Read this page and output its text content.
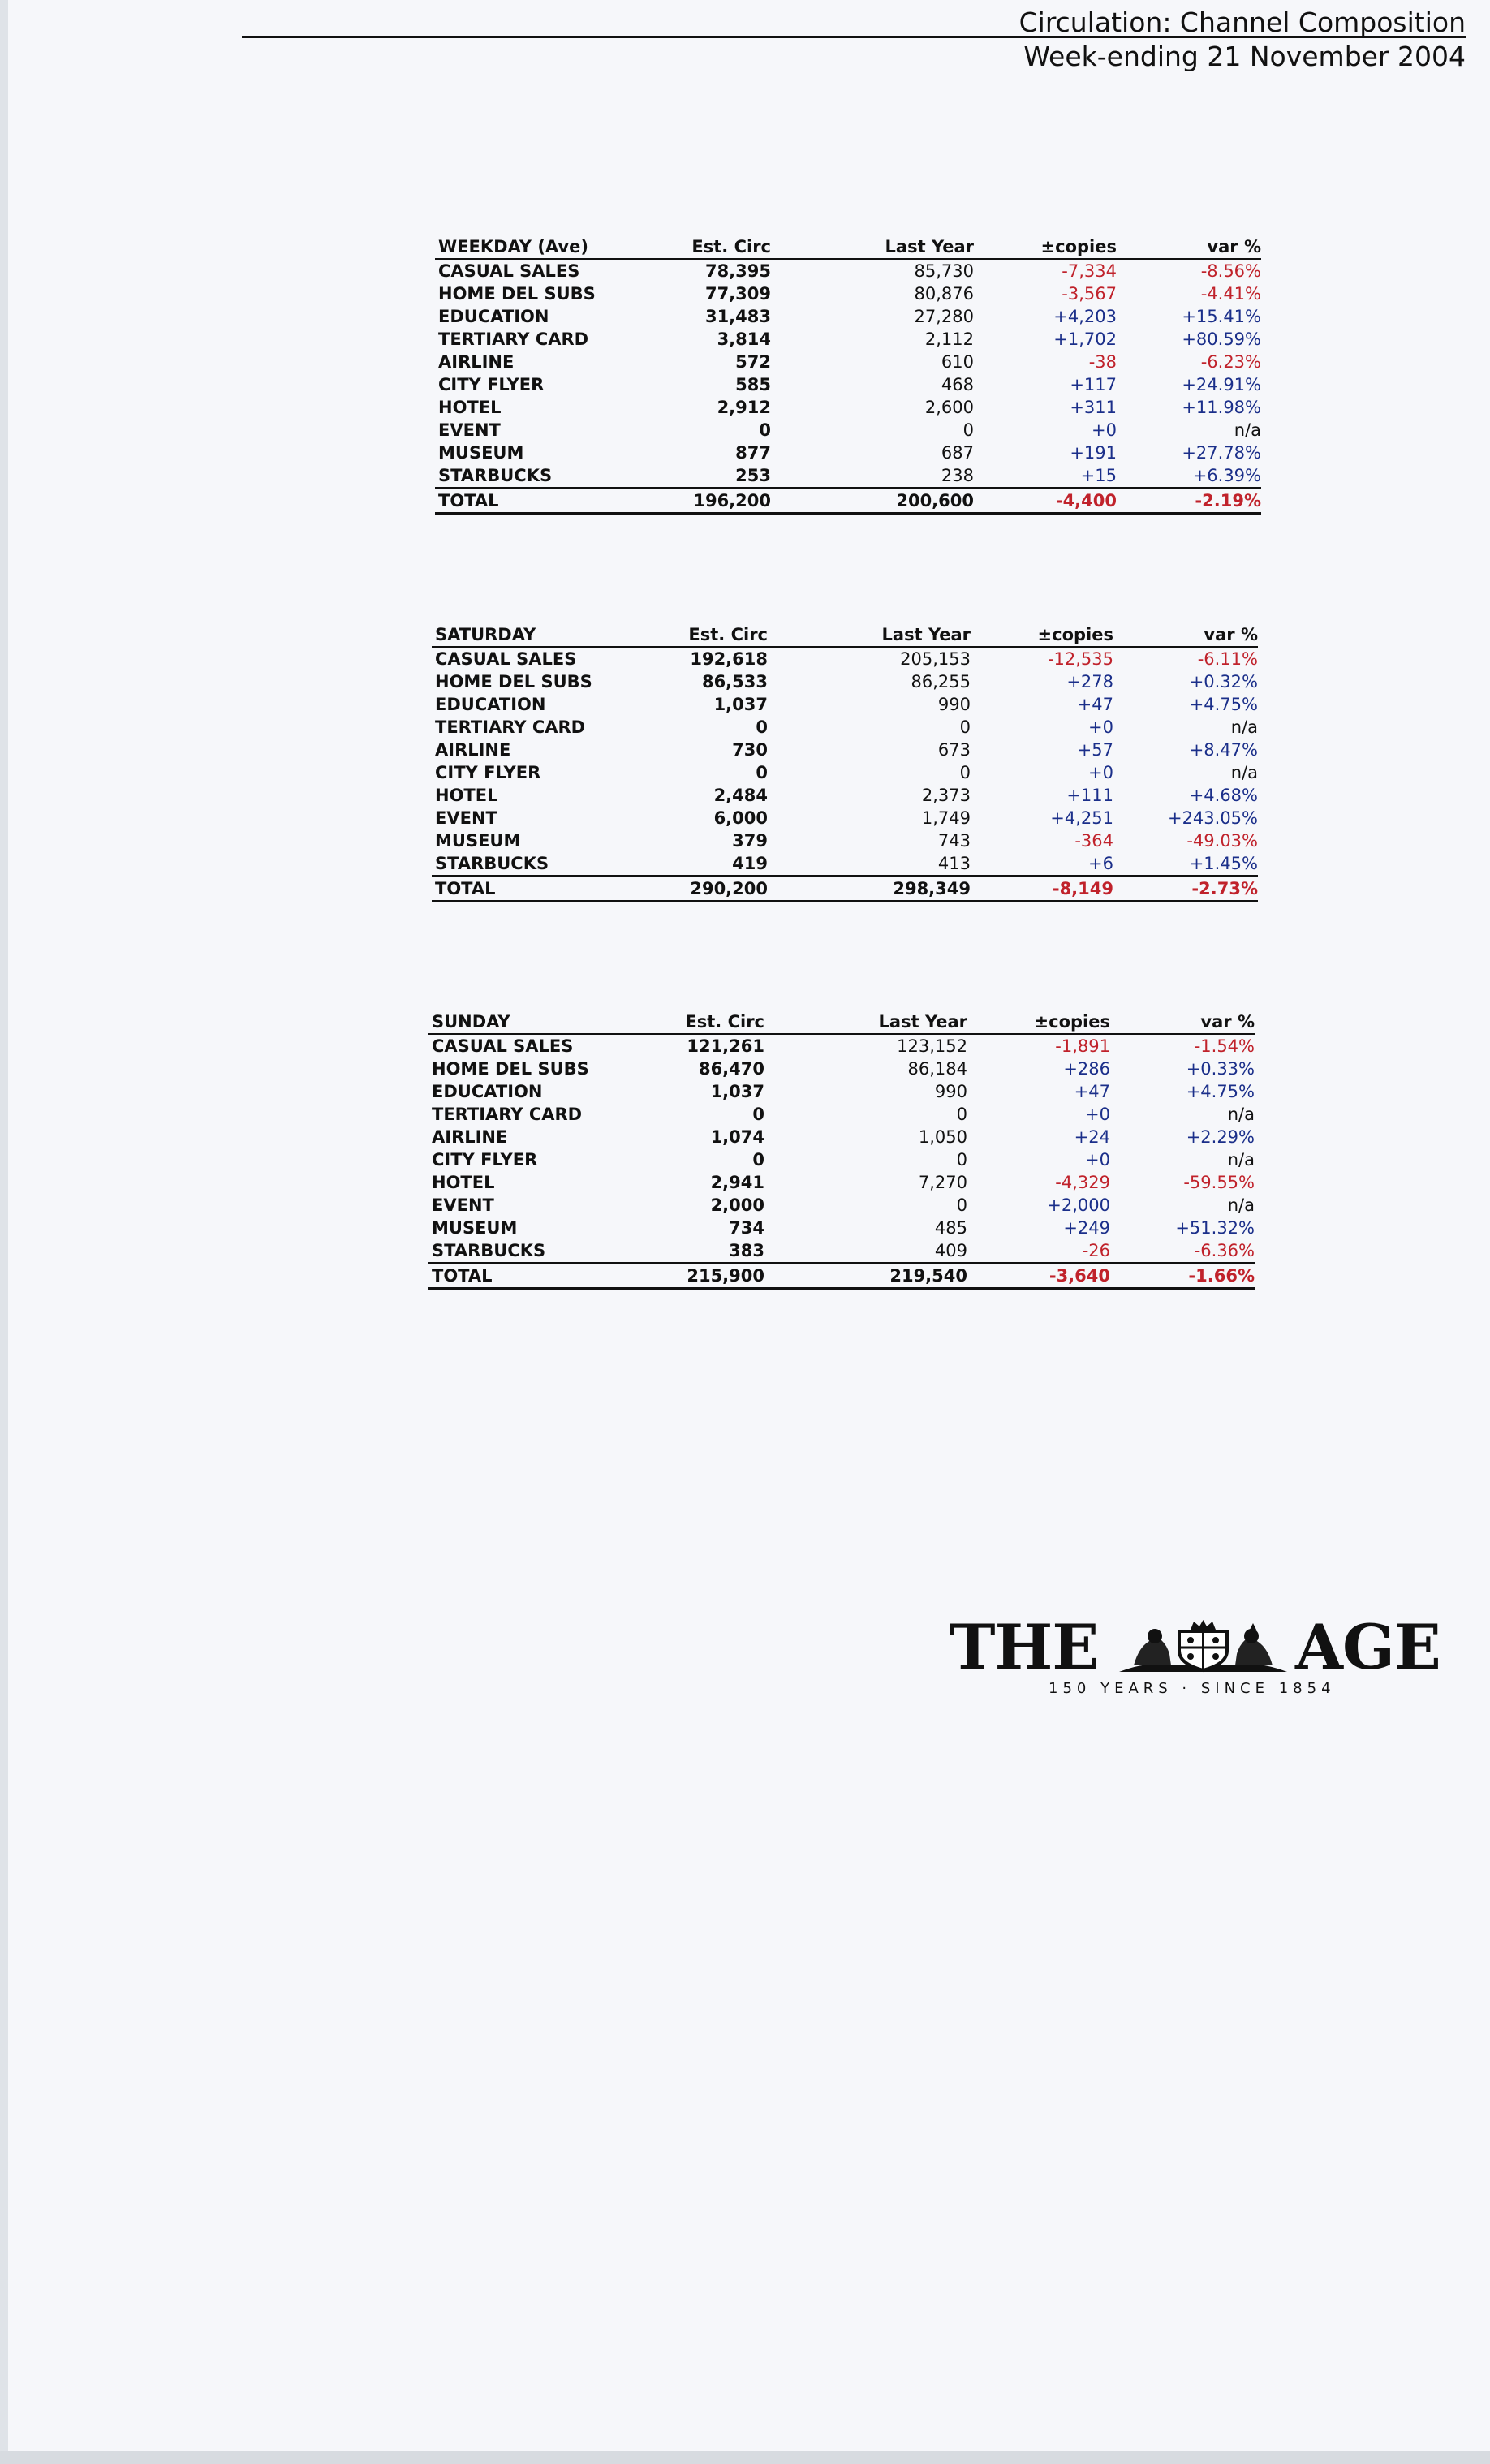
Circulation: Channel Composition
Week-ending 21 November 2004
WEEKDAY (Ave)	Est. Circ	Last Year	±copies	var %
CASUAL SALES	78,395	85,730	-7,334	-8.56%
HOME DEL SUBS	77,309	80,876	-3,567	-4.41%
EDUCATION	31,483	27,280	+4,203	+15.41%
TERTIARY CARD	3,814	2,112	+1,702	+80.59%
AIRLINE	572	610	-38	-6.23%
CITY FLYER	585	468	+117	+24.91%
HOTEL	2,912	2,600	+311	+11.98%
EVENT	0	0	+0	n/a
MUSEUM	877	687	+191	+27.78%
STARBUCKS	253	238	+15	+6.39%
TOTAL	196,200	200,600	-4,400	-2.19%
SATURDAY	Est. Circ	Last Year	±copies	var %
CASUAL SALES	192,618	205,153	-12,535	-6.11%
HOME DEL SUBS	86,533	86,255	+278	+0.32%
EDUCATION	1,037	990	+47	+4.75%
TERTIARY CARD	0	0	+0	n/a
AIRLINE	730	673	+57	+8.47%
CITY FLYER	0	0	+0	n/a
HOTEL	2,484	2,373	+111	+4.68%
EVENT	6,000	1,749	+4,251	+243.05%
MUSEUM	379	743	-364	-49.03%
STARBUCKS	419	413	+6	+1.45%
TOTAL	290,200	298,349	-8,149	-2.73%
SUNDAY	Est. Circ	Last Year	±copies	var %
CASUAL SALES	121,261	123,152	-1,891	-1.54%
HOME DEL SUBS	86,470	86,184	+286	+0.33%
EDUCATION	1,037	990	+47	+4.75%
TERTIARY CARD	0	0	+0	n/a
AIRLINE	1,074	1,050	+24	+2.29%
CITY FLYER	0	0	+0	n/a
HOTEL	2,941	7,270	-4,329	-59.55%
EVENT	2,000	0	+2,000	n/a
MUSEUM	734	485	+249	+51.32%
STARBUCKS	383	409	-26	-6.36%
TOTAL	215,900	219,540	-3,640	-1.66%
THE	AGE
150 YEARS · SINCE 1854
